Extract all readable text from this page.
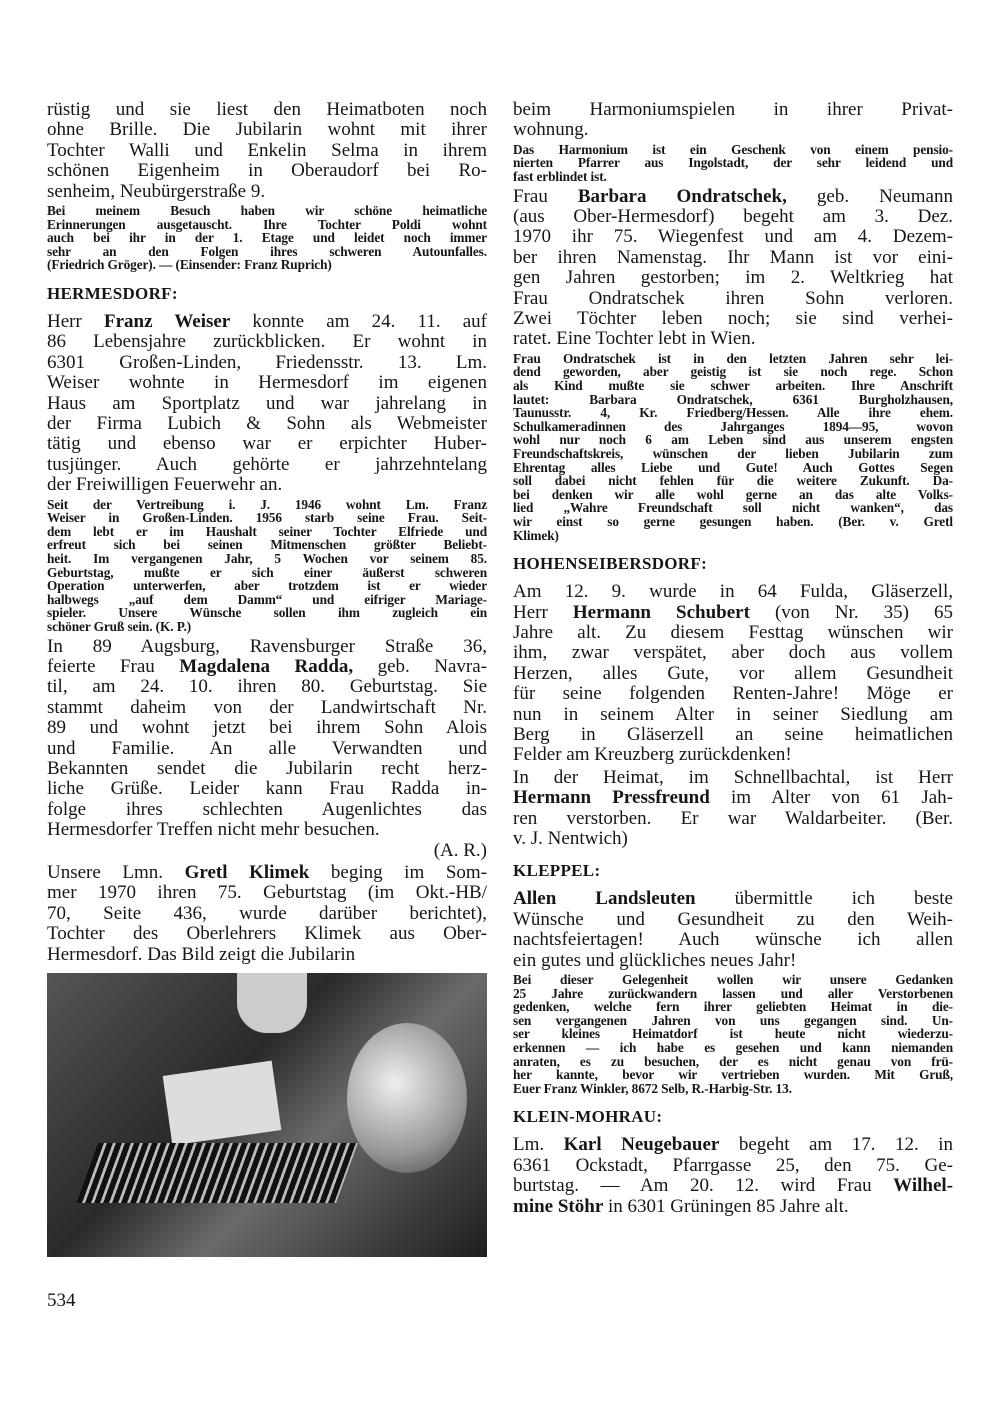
rüstig und sie liest den Heimatboten noch
ohne Brille. Die Jubilarin wohnt mit ihrer
Tochter Walli und Enkelin Selma in ihrem
schönen Eigenheim in Oberaudorf bei Ro-
senheim, Neubürgerstraße 9.
Bei meinem Besuch haben wir schöne heimatliche
Erinnerungen ausgetauscht. Ihre Tochter Poldi wohnt
auch bei ihr in der 1. Etage und leidet noch immer
sehr an den Folgen ihres schweren Autounfalles.
(Friedrich Gröger). — (Einsender: Franz Ruprich)
HERMESDORF:
Herr Franz Weiser konnte am 24. 11. auf
86 Lebensjahre zurückblicken. Er wohnt in
6301 Großen-Linden, Friedensstr. 13. Lm.
Weiser wohnte in Hermesdorf im eigenen
Haus am Sportplatz und war jahrelang in
der Firma Lubich & Sohn als Webmeister
tätig und ebenso war er erpichter Huber-
tusjünger. Auch gehörte er jahrzehntelang
der Freiwilligen Feuerwehr an.
Seit der Vertreibung i. J. 1946 wohnt Lm. Franz
Weiser in Großen-Linden. 1956 starb seine Frau. Seit-
dem lebt er im Haushalt seiner Tochter Elfriede und
erfreut sich bei seinen Mitmenschen größter Beliebt-
heit. Im vergangenen Jahr, 5 Wochen vor seinem 85.
Geburtstag, mußte er sich einer äußerst schweren
Operation unterwerfen, aber trotzdem ist er wieder
halbwegs „auf dem Damm“ und eifriger Mariage-
spieler. Unsere Wünsche sollen ihm zugleich ein
schöner Gruß sein. (K. P.)
In 89 Augsburg, Ravensburger Straße 36,
feierte Frau Magdalena Radda, geb. Navra-
til, am 24. 10. ihren 80. Geburtstag. Sie
stammt daheim von der Landwirtschaft Nr.
89 und wohnt jetzt bei ihrem Sohn Alois
und Familie. An alle Verwandten und
Bekannten sendet die Jubilarin recht herz-
liche Grüße. Leider kann Frau Radda in-
folge ihres schlechten Augenlichtes das
Hermesdorfer Treffen nicht mehr besuchen.
(A. R.)
Unsere Lmn. Gretl Klimek beging im Som-
mer 1970 ihren 75. Geburtstag (im Okt.-HB/
70, Seite 436, wurde darüber berichtet),
Tochter des Oberlehrers Klimek aus Ober-
Hermesdorf. Das Bild zeigt die Jubilarin
beim Harmoniumspielen in ihrer Privat-
wohnung.
Das Harmonium ist ein Geschenk von einem pensio-
nierten Pfarrer aus Ingolstadt, der sehr leidend und
fast erblindet ist.
Frau Barbara Ondratschek, geb. Neumann
(aus Ober-Hermesdorf) begeht am 3. Dez.
1970 ihr 75. Wiegenfest und am 4. Dezem-
ber ihren Namenstag. Ihr Mann ist vor eini-
gen Jahren gestorben; im 2. Weltkrieg hat
Frau Ondratschek ihren Sohn verloren.
Zwei Töchter leben noch; sie sind verhei-
ratet. Eine Tochter lebt in Wien.
Frau Ondratschek ist in den letzten Jahren sehr lei-
dend geworden, aber geistig ist sie noch rege. Schon
als Kind mußte sie schwer arbeiten. Ihre Anschrift
lautet: Barbara Ondratschek, 6361 Burgholzhausen,
Taunusstr. 4, Kr. Friedberg/Hessen. Alle ihre ehem.
Schulkameradinnen des Jahrganges 1894—95, wovon
wohl nur noch 6 am Leben sind aus unserem engsten
Freundschaftskreis, wünschen der lieben Jubilarin zum
Ehrentag alles Liebe und Gute! Auch Gottes Segen
soll dabei nicht fehlen für die weitere Zukunft. Da-
bei denken wir alle wohl gerne an das alte Volks-
lied „Wahre Freundschaft soll nicht wanken“, das
wir einst so gerne gesungen haben. (Ber. v. Gretl
Klimek)
HOHENSEIBERSDORF:
Am 12. 9. wurde in 64 Fulda, Gläserzell,
Herr Hermann Schubert (von Nr. 35) 65
Jahre alt. Zu diesem Festtag wünschen wir
ihm, zwar verspätet, aber doch aus vollem
Herzen, alles Gute, vor allem Gesundheit
für seine folgenden Renten-Jahre! Möge er
nun in seinem Alter in seiner Siedlung am
Berg in Gläserzell an seine heimatlichen
Felder am Kreuzberg zurückdenken!
In der Heimat, im Schnellbachtal, ist Herr
Hermann Pressfreund im Alter von 61 Jah-
ren verstorben. Er war Waldarbeiter. (Ber.
v. J. Nentwich)
KLEPPEL:
Allen Landsleuten übermittle ich beste
Wünsche und Gesundheit zu den Weih-
nachtsfeiertagen! Auch wünsche ich allen
ein gutes und glückliches neues Jahr!
Bei dieser Gelegenheit wollen wir unsere Gedanken
25 Jahre zurückwandern lassen und aller Verstorbenen
gedenken, welche fern ihrer geliebten Heimat in die-
sen vergangenen Jahren von uns gegangen sind. Un-
ser kleines Heimatdorf ist heute nicht wiederzu-
erkennen — ich habe es gesehen und kann niemanden
anraten, es zu besuchen, der es nicht genau von frü-
her kannte, bevor wir vertrieben wurden. Mit Gruß,
Euer Franz Winkler, 8672 Selb, R.-Harbig-Str. 13.
KLEIN-MOHRAU:
Lm. Karl Neugebauer begeht am 17. 12. in
6361 Ockstadt, Pfarrgasse 25, den 75. Ge-
burtstag. — Am 20. 12. wird Frau Wilhel-
mine Stöhr in 6301 Grüningen 85 Jahre alt.
534
